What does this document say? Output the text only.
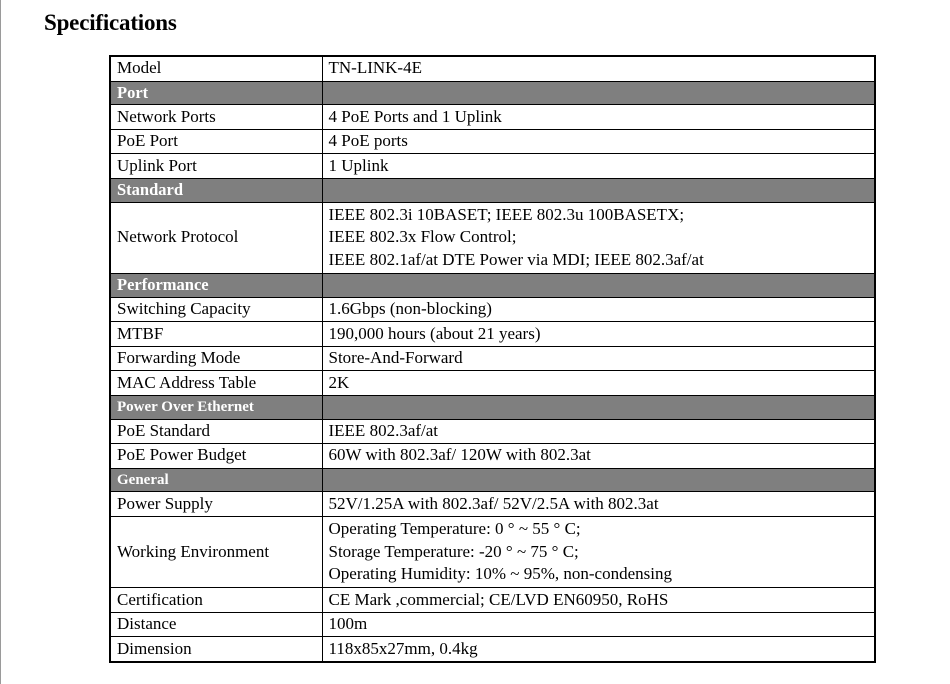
Specifications
Model	TN-LINK-4E
Port	
Network Ports	4 PoE Ports and 1 Uplink
PoE Port	4 PoE ports
Uplink Port	1 Uplink
Standard	
Network Protocol	IEEE 802.3i 10BASET; IEEE 802.3u 100BASETX;
IEEE 802.3x Flow Control;
IEEE 802.1af/at DTE Power via MDI; IEEE 802.3af/at

Performance	
Switching Capacity	1.6Gbps (non-blocking)
MTBF	190,000 hours (about 21 years)
Forwarding Mode	Store-And-Forward
MAC Address Table	2K
Power Over Ethernet	
PoE Standard	IEEE 802.3af/at
PoE Power Budget	60W with 802.3af/ 120W with 802.3at
General	
Power Supply	52V/1.25A with 802.3af/ 52V/2.5A with 802.3at
Working Environment	Operating Temperature: 0 ° ~ 55 ° C;
Storage Temperature: -20 ° ~ 75 ° C;
Operating Humidity: 10% ~ 95%, non-condensing

Certification	CE Mark ,commercial; CE/LVD EN60950, RoHS
Distance	100m
Dimension	118x85x27mm, 0.4kg
